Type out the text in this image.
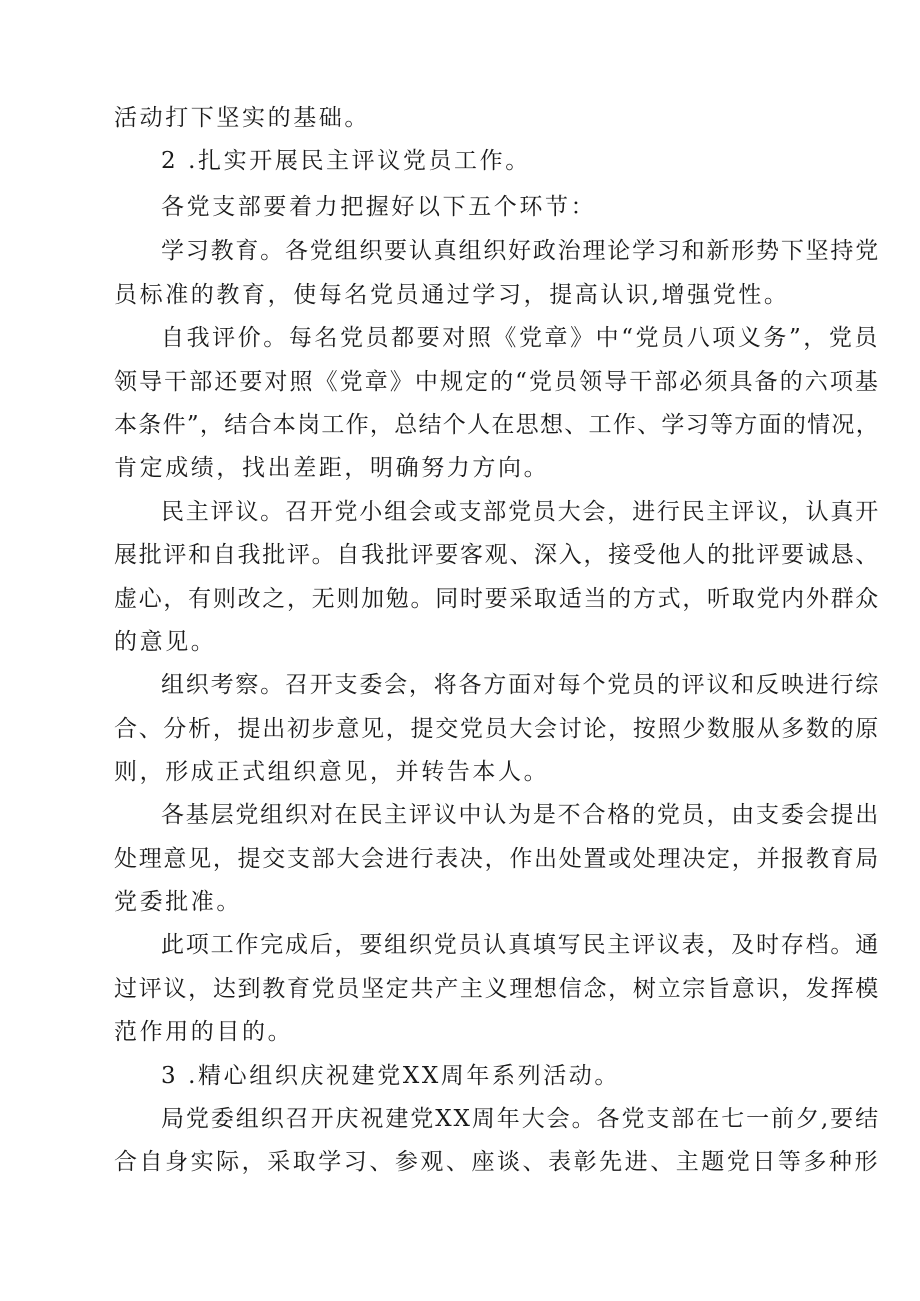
活动打下坚实的基础。
2 .扎实开展民主评议党员工作。
各党支部要着力把握好以下五个环节：
学习教育。各党组织要认真组织好政治理论学习和新形势下坚持党
员标准的教育，使每名党员通过学习，提高认识,增强党性。
自我评价。每名党员都要对照《党章》中“党员八项义务”，党员
领导干部还要对照《党章》中规定的“党员领导干部必须具备的六项基
本条件”，结合本岗工作，总结个人在思想、工作、学习等方面的情况，
肯定成绩，找出差距，明确努力方向。
民主评议。召开党小组会或支部党员大会，进行民主评议，认真开
展批评和自我批评。自我批评要客观、深入，接受他人的批评要诚恳、
虚心，有则改之，无则加勉。同时要采取适当的方式，听取党内外群众
的意见。
组织考察。召开支委会，将各方面对每个党员的评议和反映进行综
合、分析，提出初步意见，提交党员大会讨论，按照少数服从多数的原
则，形成正式组织意见，并转告本人。
各基层党组织对在民主评议中认为是不合格的党员，由支委会提出
处理意见，提交支部大会进行表决，作出处置或处理决定，并报教育局
党委批准。
此项工作完成后，要组织党员认真填写民主评议表，及时存档。通
过评议，达到教育党员坚定共产主义理想信念，树立宗旨意识，发挥模
范作用的目的。
3 .精心组织庆祝建党XX周年系列活动。
局党委组织召开庆祝建党XX周年大会。各党支部在七一前夕,要结
合自身实际，采取学习、参观、座谈、表彰先进、主题党日等多种形
